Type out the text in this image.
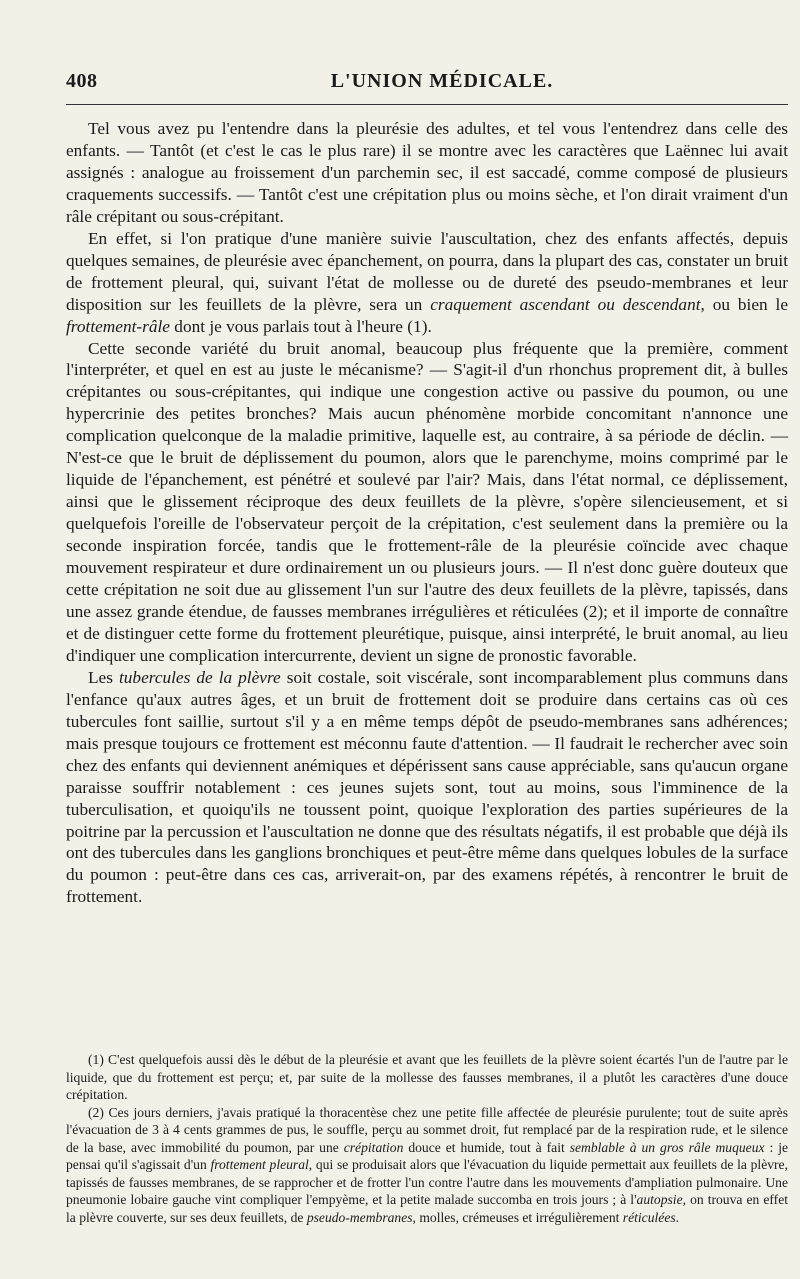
408	L'UNION MÉDICALE.

Tel vous avez pu l'entendre dans la pleurésie des adultes, et tel vous l'entendrez dans celle des enfants. — Tantôt (et c'est le cas le plus rare) il se montre avec les caractères que Laënnec lui avait assignés : analogue au froissement d'un parchemin sec, il est saccadé, comme composé de plusieurs craquements successifs. — Tantôt c'est une crépitation plus ou moins sèche, et l'on dirait vraiment d'un râle crépitant ou sous-crépitant.

En effet, si l'on pratique d'une manière suivie l'auscultation, chez des enfants affectés, depuis quelques semaines, de pleurésie avec épanchement, on pourra, dans la plupart des cas, constater un bruit de frottement pleural, qui, suivant l'état de mollesse ou de dureté des pseudo-membranes et leur disposition sur les feuillets de la plèvre, sera un craquement ascendant ou descendant, ou bien le frottement-râle dont je vous parlais tout à l'heure (1).

Cette seconde variété du bruit anomal, beaucoup plus fréquente que la première, comment l'interpréter, et quel en est au juste le mécanisme? — S'agit-il d'un rhonchus proprement dit, à bulles crépitantes ou sous-crépitantes, qui indique une congestion active ou passive du poumon, ou une hypercrinie des petites bronches? Mais aucun phénomène morbide concomitant n'annonce une complication quelconque de la maladie primitive, laquelle est, au contraire, à sa période de déclin. — N'est-ce que le bruit de déplissement du poumon, alors que le parenchyme, moins comprimé par le liquide de l'épanchement, est pénétré et soulevé par l'air? Mais, dans l'état normal, ce déplissement, ainsi que le glissement réciproque des deux feuillets de la plèvre, s'opère silencieusement, et si quelquefois l'oreille de l'observateur perçoit de la crépitation, c'est seulement dans la première ou la seconde inspiration forcée, tandis que le frottement-râle de la pleurésie coïncide avec chaque mouvement respirateur et dure ordinairement un ou plusieurs jours. — Il n'est donc guère douteux que cette crépitation ne soit due au glissement l'un sur l'autre des deux feuillets de la plèvre, tapissés, dans une assez grande étendue, de fausses membranes irrégulières et réticulées (2); et il importe de connaître et de distinguer cette forme du frottement pleurétique, puisque, ainsi interprété, le bruit anomal, au lieu d'indiquer une complication intercurrente, devient un signe de pronostic favorable.

Les tubercules de la plèvre soit costale, soit viscérale, sont incomparablement plus communs dans l'enfance qu'aux autres âges, et un bruit de frottement doit se produire dans certains cas où ces tubercules font saillie, surtout s'il y a en même temps dépôt de pseudo-membranes sans adhérences; mais presque toujours ce frottement est méconnu faute d'attention. — Il faudrait le rechercher avec soin chez des enfants qui deviennent anémiques et dépérissent sans cause appréciable, sans qu'aucun organe paraisse souffrir notablement : ces jeunes sujets sont, tout au moins, sous l'imminence de la tuberculisation, et quoiqu'ils ne toussent point, quoique l'exploration des parties supérieures de la poitrine par la percussion et l'auscultation ne donne que des résultats négatifs, il est probable que déjà ils ont des tubercules dans les ganglions bronchiques et peut-être même dans quelques lobules de la surface du poumon : peut-être dans ces cas, arriverait-on, par des examens répétés, à rencontrer le bruit de frottement.

(1) C'est quelquefois aussi dès le début de la pleurésie et avant que les feuillets de la plèvre soient écartés l'un de l'autre par le liquide, que du frottement est perçu; et, par suite de la mollesse des fausses membranes, il a plutôt les caractères d'une douce crépitation.

(2) Ces jours derniers, j'avais pratiqué la thoracentèse chez une petite fille affectée de pleurésie purulente; tout de suite après l'évacuation de 3 à 4 cents grammes de pus, le souffle, perçu au sommet droit, fut remplacé par de la respiration rude, et le silence de la base, avec immobilité du poumon, par une crépitation douce et humide, tout à fait semblable à un gros râle muqueux : je pensai qu'il s'agissait d'un frottement pleural, qui se produisait alors que l'évacuation du liquide permettait aux feuillets de la plèvre, tapissés de fausses membranes, de se rapprocher et de frotter l'un contre l'autre dans les mouvements d'ampliation pulmonaire. Une pneumonie lobaire gauche vint compliquer l'empyème, et la petite malade succomba en trois jours ; à l'autopsie, on trouva en effet la plèvre couverte, sur ses deux feuillets, de pseudo-membranes, molles, crémeuses et irrégulièrement réticulées.
